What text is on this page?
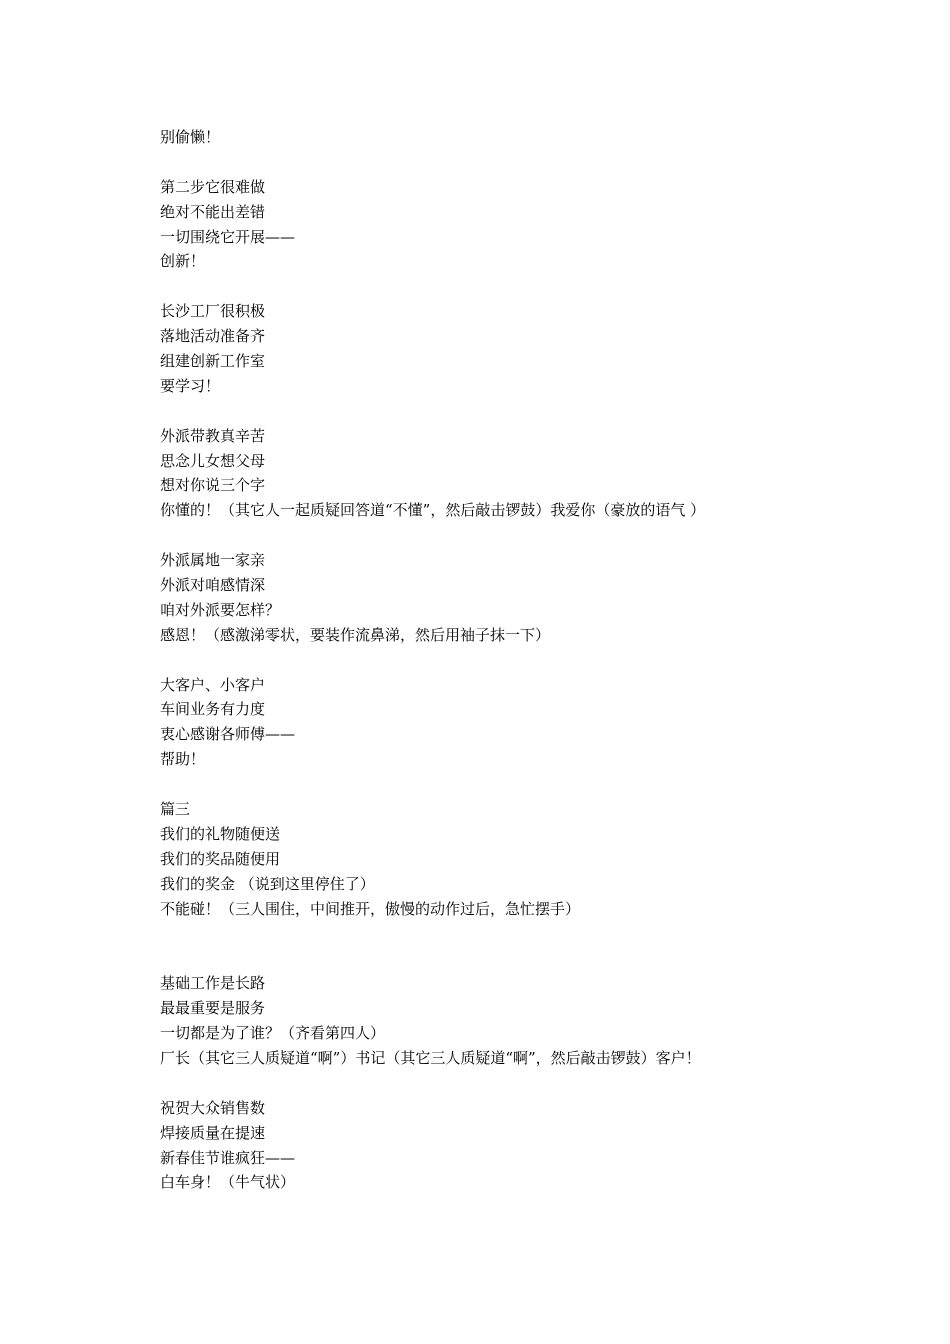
别偷懒！
第二步它很难做
绝对不能出差错
一切围绕它开展——
创新！
长沙工厂很积极
落地活动准备齐
组建创新工作室
要学习！
外派带教真辛苦
思念儿女想父母
想对你说三个字
你懂的！（其它人一起质疑回答道“不懂”，然后敲击锣鼓）我爱你（豪放的语气 ）
外派属地一家亲
外派对咱感情深
咱对外派要怎样？
感恩！（感激涕零状，要装作流鼻涕，然后用袖子抹一下）
大客户、小客户
车间业务有力度
衷心感谢各师傅——
帮助！
篇三
我们的礼物随便送
我们的奖品随便用
我们的奖金 （说到这里停住了）
不能碰！（三人围住，中间推开，傲慢的动作过后，急忙摆手）
基础工作是长路
最最重要是服务
一切都是为了谁？（齐看第四人）
厂长（其它三人质疑道“啊”）书记（其它三人质疑道“啊”，然后敲击锣鼓）客户！
祝贺大众销售数
焊接质量在提速
新春佳节谁疯狂——
白车身！（牛气状）
